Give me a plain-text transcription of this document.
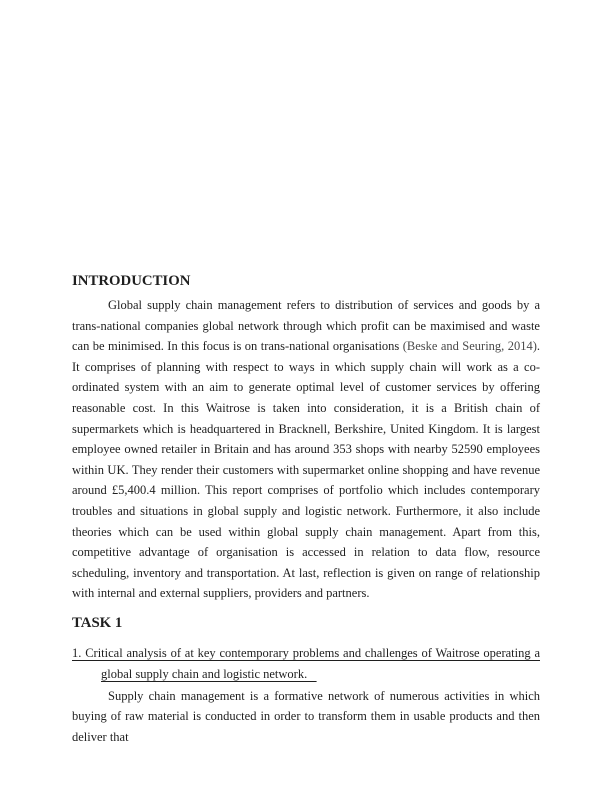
INTRODUCTION

Global supply chain management refers to distribution of services and goods by a trans-national companies global network through which profit can be maximised and waste can be minimised. In this focus is on trans-national organisations (Beske and Seuring, 2014). It comprises of planning with respect to ways in which supply chain will work as a co-ordinated system with an aim to generate optimal level of customer services by offering reasonable cost. In this Waitrose is taken into consideration, it is a British chain of supermarkets which is headquartered in Bracknell, Berkshire, United Kingdom. It is largest employee owned retailer in Britain and has around 353 shops with nearby 52590 employees within UK. They render their customers with supermarket online shopping and have revenue around £5,400.4 million. This report comprises of portfolio which includes contemporary troubles and situations in global supply and logistic network. Furthermore, it also include theories which can be used within global supply chain management. Apart from this, competitive advantage of organisation is accessed in relation to data flow, resource scheduling, inventory and transportation. At last, reflection is given on range of relationship with internal and external suppliers, providers and partners.

TASK 1

1. Critical analysis of at key contemporary problems and challenges of Waitrose operating a global supply chain and logistic network.

Supply chain management is a formative network of numerous activities in which buying of raw material is conducted in order to transform them in usable products and then deliver that
